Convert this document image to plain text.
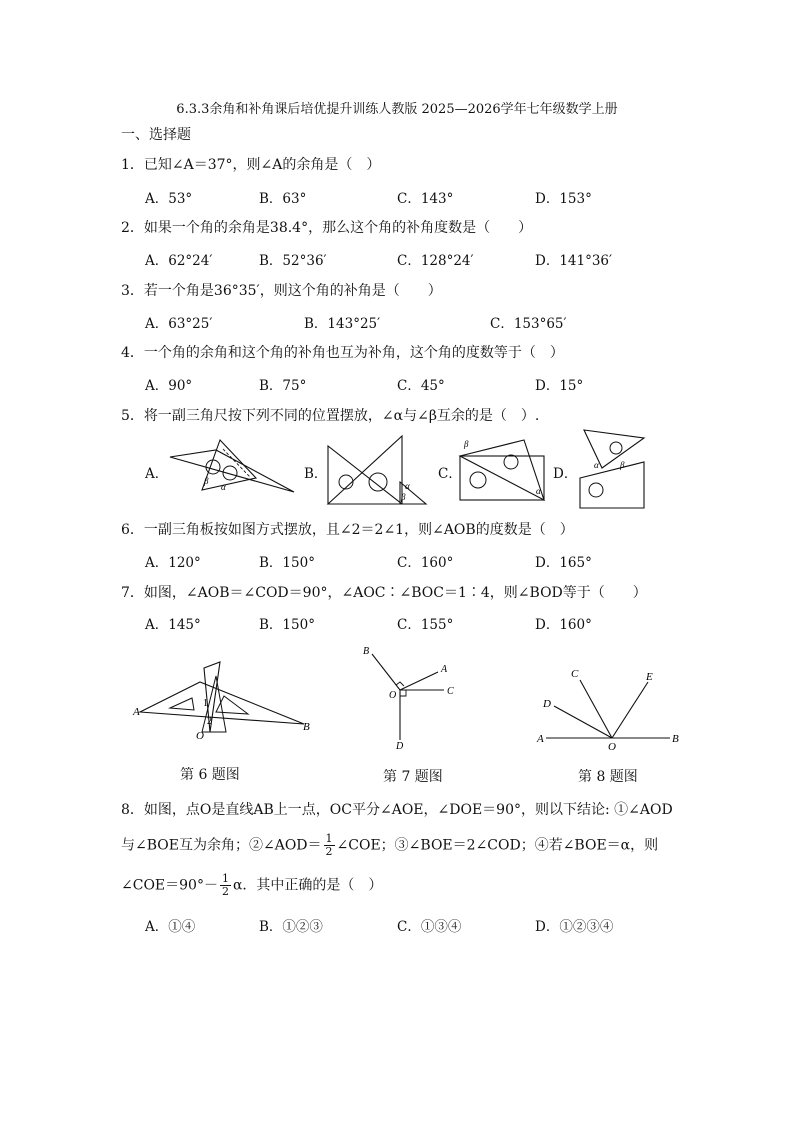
6.3.3余角和补角课后培优提升训练人教版 2025—2026学年七年级数学上册
一、选择题
1．已知∠A＝37°，则∠A的余角是（　）
A．53°	B．63°	C．143°	D．153°
2．如果一个角的余角是38.4°，那么这个角的补角度数是（　　）
A．62°24′	B．52°36′	C．128°24′	D．141°36′
3．若一个角是36°35′，则这个角的补角是（　　）
A．63°25′	B．143°25′	C．153°65′
4．一个角的余角和这个角的补角也互为补角，这个角的度数等于（　）
A．90°	B．75°	C．45°	D．15°
5．将一副三角尺按下列不同的位置摆放，∠α与∠β互余的是（　）.
A．	β
α
B．
α
β
C．
β
α
D．
α β
6．一副三角板按如图方式摆放，且∠2＝2∠1，则∠AOB的度数是（　）
A．120°	B．150°	C．160°	D．165°
7．如图，∠AOB＝∠COD＝90°，∠AOC∶∠BOC＝1∶4，则∠BOD等于（　　）
A．145°	B．150°	C．155°	D．160°
A
B
O
1
2
第 6 题图
B
A
C
O
D
第 7 题图
A	B
C
D
E
O
第 8 题图
8．如图，点O是直线AB上一点，OC平分∠AOE，∠DOE＝90°，则以下结论: ①∠AOD
与∠BOE互为余角；②∠AOD＝ $\frac{1}{2}$ ∠COE；③∠BOE＝2∠COD；④若∠BOE＝α，则
∠COE＝90°－ $\frac{1}{2}$ α．其中正确的是（　）
A．①④	B．①②③	C．①③④	D．①②③④
